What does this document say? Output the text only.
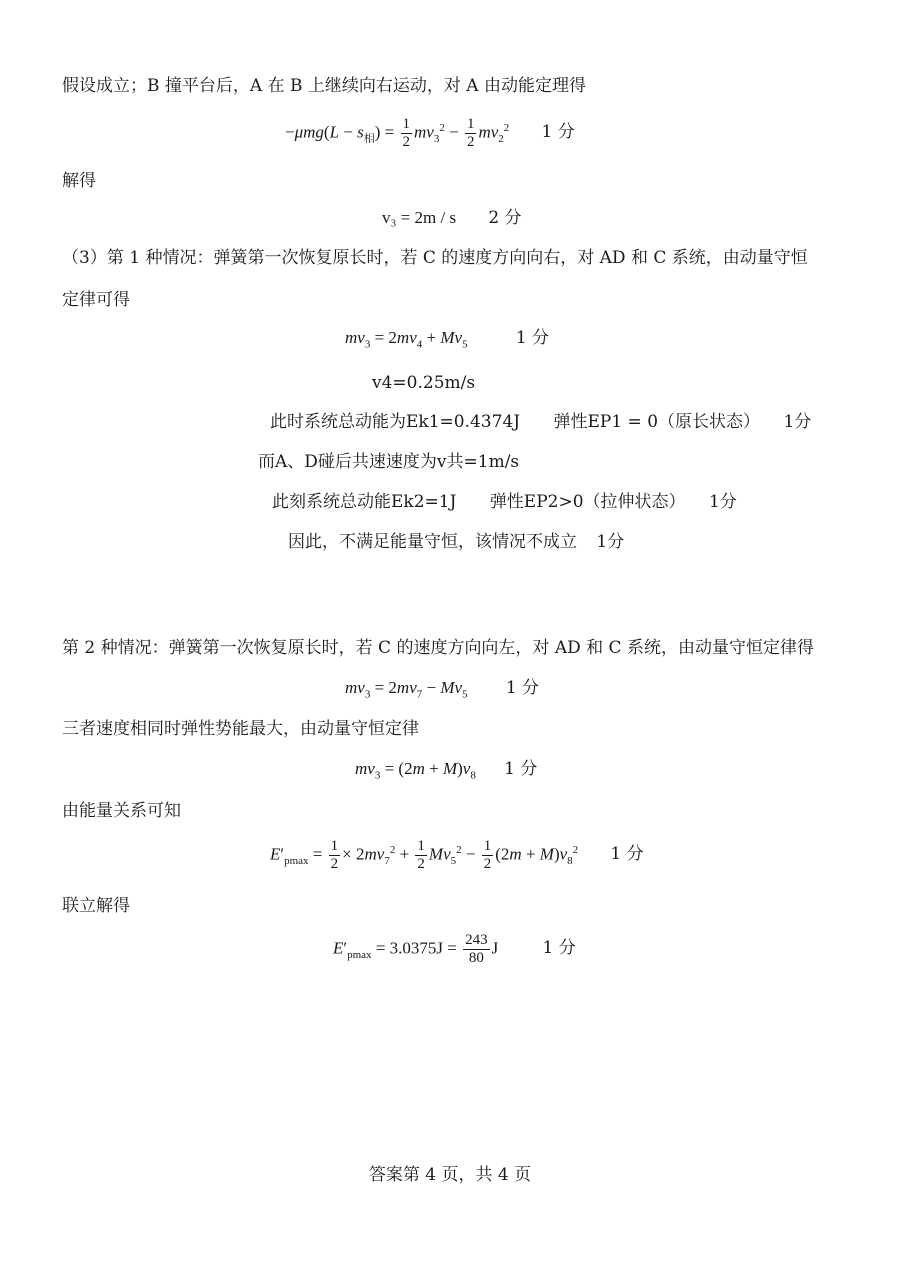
假设成立；B 撞平台后，A 在 B 上继续向右运动，对 A 由动能定理得
$-\mu mg(L - s_相) = \frac{1}{2} mv_3^2 - \frac{1}{2} mv_2^2$ 1 分
解得
v₃ = 2m / s 2 分
（3）第 1 种情况：弹簧第一次恢复原长时，若 C 的速度方向向右，对 AD 和 C 系统，由动量守恒
定律可得
$mv_3 = 2mv_4 + Mv_5$	1 分
v4=0.25m/s
此时系统总动能为Ek1=0.4374J 弹性EP1 = 0（原长状态） 1分
而A、D碰后共速速度为v共=1m/s
此刻系统总动能Ek2=1J 弹性EP2>0（拉伸状态） 1分
因此，不满足能量守恒，该情况不成立 1分
第 2 种情况：弹簧第一次恢复原长时，若 C 的速度方向向左，对 AD 和 C 系统，由动量守恒定律得
$mv_3 = 2mv_7 - Mv_5$ 1 分
三者速度相同时弹性势能最大，由动量守恒定律
$mv_3 = (2m + M)v_8$ 1 分
由能量关系可知
$E'_{pmax} = \frac{1}{2} \times 2mv_7^2 + \frac{1}{2} Mv_5^2 - \frac{1}{2} (2m + M)v_8^2$ 1 分
联立解得
$E'_{pmax} = 3.0375J = \frac{243}{80}$ J 1 分
答案第 4 页，共 4 页
